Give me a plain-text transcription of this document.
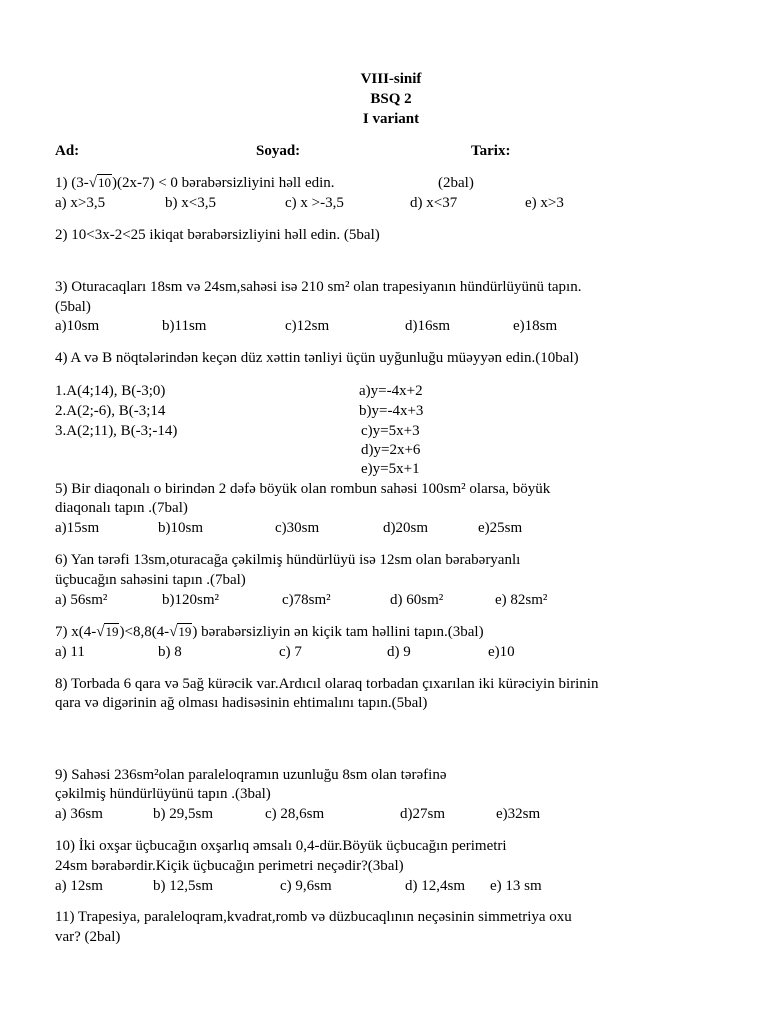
VIII-sinif
BSQ 2
I variant
Ad:	Soyad:	Tarix:
1) (3-√10)(2x-7) < 0 bərabərsizliyini həll edin.	(2bal)
a) x>3,5	b) x<3,5	c) x >-3,5	d) x<37	e) x>3
2) 10<3x-2<25 ikiqat bərabərsizliyini həll edin. (5bal)
3) Oturacaqları 18sm və 24sm,sahəsi isə 210 sm² olan trapesiyanın hündürlüyünü tapın.
(5bal)
a)10sm	b)11sm	c)12sm	d)16sm	e)18sm
4) A və B nöqtələrindən keçən düz xəttin tənliyi üçün uyğunluğu müəyyən edin.(10bal)
1.A(4;14), B(-3;0)
2.A(2;-6), B(-3;14
3.A(2;11), B(-3;-14)
a)y=-4x+2
b)y=-4x+3
c)y=5x+3
d)y=2x+6
e)y=5x+1
5) Bir diaqonalı o birindən 2 dəfə böyük olan rombun sahəsi 100sm² olarsa, böyük
diaqonalı tapın .(7bal)
a)15sm	b)10sm	c)30sm	d)20sm	e)25sm
6) Yan tərəfi 13sm,oturacağa çəkilmiş hündürlüyü isə 12sm olan bərabəryanlı
üçbucağın sahəsini tapın .(7bal)
a) 56sm²	b)120sm²	c)78sm²	d) 60sm²	e) 82sm²
7) x(4-√19)<8,8(4-√19) bərabərsizliyin ən kiçik tam həllini tapın.(3bal)
a) 11	b) 8	c) 7	d) 9	e)10
8) Torbada 6 qara və 5ağ kürəcik var.Ardıcıl olaraq torbadan çıxarılan iki kürəciyin birinin
qara və digərinin ağ olması hadisəsinin ehtimalını tapın.(5bal)
9) Sahəsi 236sm²olan paraleloqramın uzunluğu 8sm olan tərəfinə
çəkilmiş hündürlüyünü tapın .(3bal)
a) 36sm	b) 29,5sm	c) 28,6sm	d)27sm	e)32sm
10) İki oxşar üçbucağın oxşarlıq əmsalı 0,4-dür.Böyük üçbucağın perimetri
24sm bərabərdir.Kiçik üçbucağın perimetri neçədir?(3bal)
a) 12sm	b) 12,5sm	c) 9,6sm	d) 12,4sm e) 13 sm
11) Trapesiya, paraleloqram,kvadrat,romb və düzbucaqlının neçəsinin simmetriya oxu
var? (2bal)
